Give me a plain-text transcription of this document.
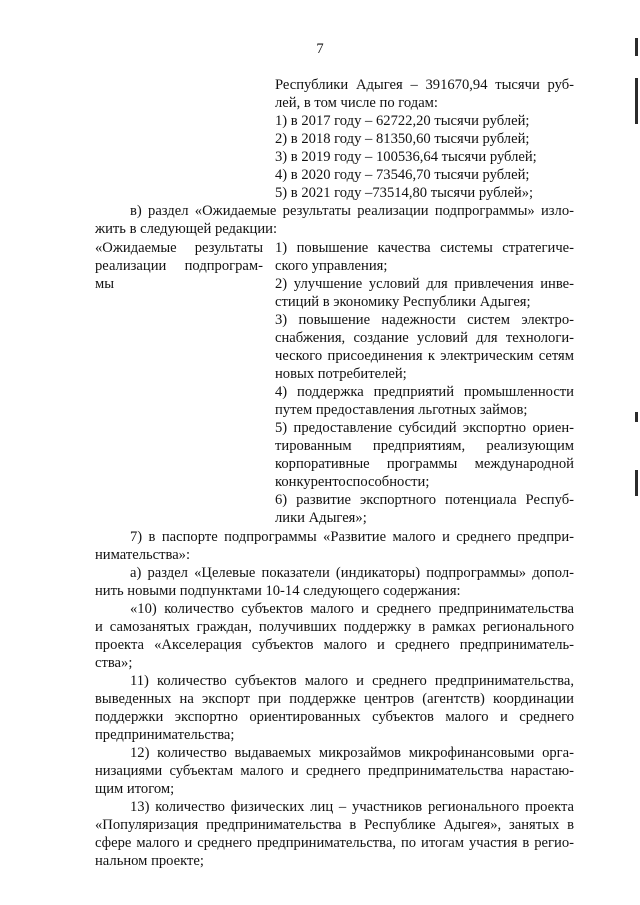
7
Республики Адыгея – 391670,94 тысячи руб-
лей, в том числе по годам:
1) в 2017 году – 62722,20 тысячи рублей;
2) в 2018 году – 81350,60 тысячи рублей;
3) в 2019 году – 100536,64 тысячи рублей;
4) в 2020 году – 73546,70 тысячи рублей;
5) в 2021 году –73514,80 тысячи рублей»;
в) раздел «Ожидаемые результаты реализации подпрограммы» изло-
жить в следующей редакции:
«Ожидаемые результаты
реализации подпрограм-
мы
1) повышение качества системы стратегиче-
ского управления;
2) улучшение условий для привлечения инве-
стиций в экономику Республики Адыгея;
3) повышение надежности систем электро-
снабжения, создание условий для технологи-
ческого присоединения к электрическим сетям
новых потребителей;
4) поддержка предприятий промышленности
путем предоставления льготных займов;
5) предоставление субсидий экспортно ориен-
тированным предприятиям, реализующим
корпоративные программы международной
конкурентоспособности;
6) развитие экспортного потенциала Респуб-
лики Адыгея»;
7) в паспорте подпрограммы «Развитие малого и среднего предпри-
нимательства»:
а) раздел «Целевые показатели (индикаторы) подпрограммы» допол-
нить новыми подпунктами 10-14 следующего содержания:
«10) количество субъектов малого и среднего предпринимательства
и самозанятых граждан, получивших поддержку в рамках регионального
проекта «Акселерация субъектов малого и среднего предприниматель-
ства»;
11) количество субъектов малого и среднего предпринимательства,
выведенных на экспорт при поддержке центров (агентств) координации
поддержки экспортно ориентированных субъектов малого и среднего
предпринимательства;
12) количество выдаваемых микрозаймов микрофинансовыми орга-
низациями субъектам малого и среднего предпринимательства нарастаю-
щим итогом;
13) количество физических лиц – участников регионального проекта
«Популяризация предпринимательства в Республике Адыгея», занятых в
сфере малого и среднего предпринимательства, по итогам участия в регио-
нальном проекте;
